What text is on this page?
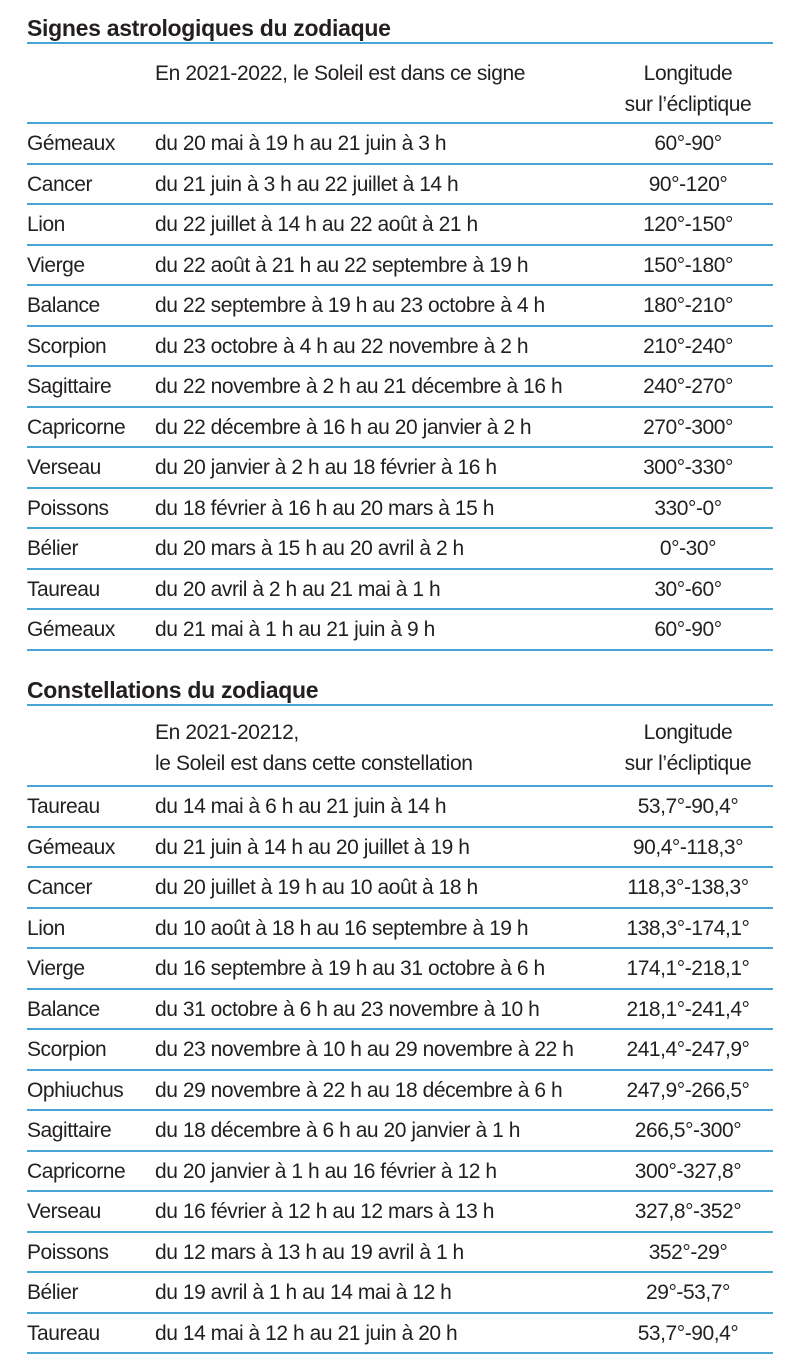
Signes astrologiques du zodiaque
En 2021-2022, le Soleil est dans ce signe	Longitude
sur l’écliptique
Gémeaux du 20 mai à 19 h au 21 juin à 3 h	60°-90°
Cancer	du 21 juin à 3 h au 22 juillet à 14 h	90°-120°
Lion	du 22 juillet à 14 h au 22 août à 21 h	120°-150°
Vierge	du 22 août à 21 h au 22 septembre à 19 h	150°-180°
Balance	du 22 septembre à 19 h au 23 octobre à 4 h	180°-210°
Scorpion du 23 octobre à 4 h au 22 novembre à 2 h	210°-240°
Sagittaire du 22 novembre à 2 h au 21 décembre à 16 h	240°-270°
Capricorne du 22 décembre à 16 h au 20 janvier à 2 h	270°-300°
Verseau	du 20 janvier à 2 h au 18 février à 16 h	300°-330°
Poissons du 18 février à 16 h au 20 mars à 15 h	330°-0°
Bélier	du 20 mars à 15 h au 20 avril à 2 h	0°-30°
Taureau	du 20 avril à 2 h au 21 mai à 1 h	30°-60°
Gémeaux du 21 mai à 1 h au 21 juin à 9 h	60°-90°
Constellations du zodiaque
En 2021-20212,
le Soleil est dans cette constellation
Longitude
sur l’écliptique
Taureau	du 14 mai à 6 h au 21 juin à 14 h	53,7°-90,4°
Gémeaux du 21 juin à 14 h au 20 juillet à 19 h	90,4°-118,3°
Cancer	du 20 juillet à 19 h au 10 août à 18 h	118,3°-138,3°
Lion	du 10 août à 18 h au 16 septembre à 19 h	138,3°-174,1°
Vierge	du 16 septembre à 19 h au 31 octobre à 6 h	174,1°-218,1°
Balance	du 31 octobre à 6 h au 23 novembre à 10 h	218,1°-241,4°
Scorpion du 23 novembre à 10 h au 29 novembre à 22 h	241,4°-247,9°
Ophiuchus du 29 novembre à 22 h au 18 décembre à 6 h	247,9°-266,5°
Sagittaire du 18 décembre à 6 h au 20 janvier à 1 h	266,5°-300°
Capricorne du 20 janvier à 1 h au 16 février à 12 h	300°-327,8°
Verseau	du 16 février à 12 h au 12 mars à 13 h	327,8°-352°
Poissons du 12 mars à 13 h au 19 avril à 1 h	352°-29°
Bélier	du 19 avril à 1 h au 14 mai à 12 h	29°-53,7°
Taureau	du 14 mai à 12 h au 21 juin à 20 h	53,7°-90,4°
